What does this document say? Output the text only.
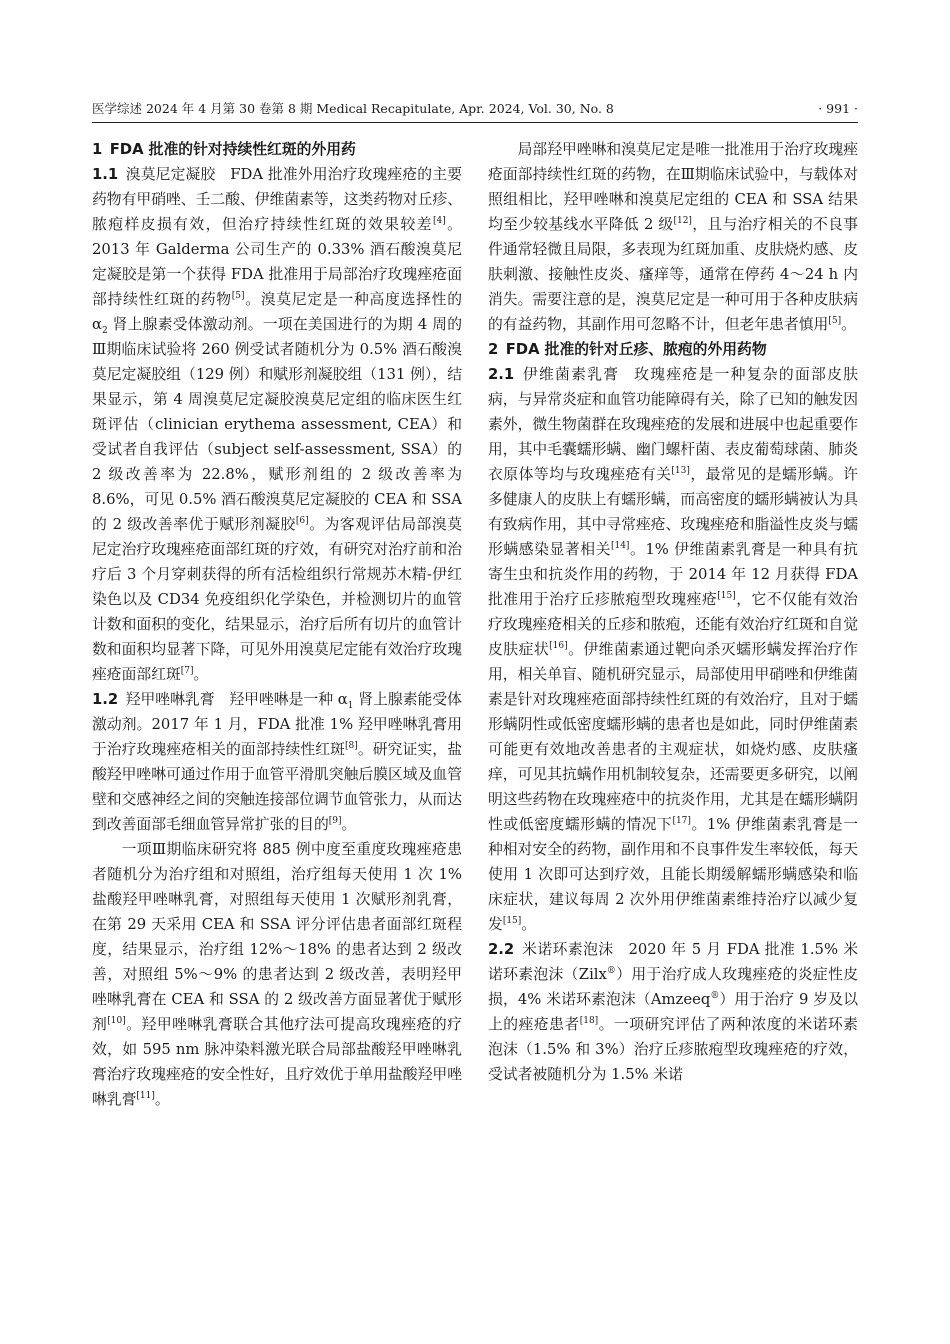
医学综述 2024 年 4 月第 30 卷第 8 期 Medical Recapitulate, Apr. 2024, Vol. 30, No. 8	· 991 ·
1 FDA 批准的针对持续性红斑的外用药

1.1 溴莫尼定凝胶 FDA 批准外用治疗玫瑰痤疮的主要药物有甲硝唑、壬二酸、伊维菌素等，这类药物对丘疹、脓疱样皮损有效，但治疗持续性红斑的效果较差[4]。2013 年 Galderma 公司生产的 0.33% 酒石酸溴莫尼定凝胶是第一个获得 FDA 批准用于局部治疗玫瑰痤疮面部持续性红斑的药物[5]。溴莫尼定是一种高度选择性的 $\alpha_2$ 肾上腺素受体激动剂。一项在美国进行的为期 4 周的Ⅲ期临床试验将 260 例受试者随机分为 0.5% 酒石酸溴莫尼定凝胶组（129 例）和赋形剂凝胶组（131 例），结果显示，第 4 周溴莫尼定凝胶溴莫尼定组的临床医生红斑评估（clinician erythema assessment, CEA）和受试者自我评估（subject self-assessment, SSA）的 2 级改善率为 22.8%，赋形剂组的 2 级改善率为 8.6%，可见 0.5% 酒石酸溴莫尼定凝胶的 CEA 和 SSA 的 2 级改善率优于赋形剂凝胶[6]。为客观评估局部溴莫尼定治疗玫瑰痤疮面部红斑的疗效，有研究对治疗前和治疗后 3 个月穿刺获得的所有活检组织行常规苏木精-伊红染色以及 CD34 免疫组织化学染色，并检测切片的血管计数和面积的变化，结果显示，治疗后所有切片的血管计数和面积均显著下降，可见外用溴莫尼定能有效治疗玫瑰痤疮面部红斑[7]。

1.2 羟甲唑啉乳膏 羟甲唑啉是一种 $\alpha_1$ 肾上腺素能受体激动剂。2017 年 1 月，FDA 批准 1% 羟甲唑啉乳膏用于治疗玫瑰痤疮相关的面部持续性红斑[8]。研究证实，盐酸羟甲唑啉可通过作用于血管平滑肌突触后膜区域及血管壁和交感神经之间的突触连接部位调节血管张力，从而达到改善面部毛细血管异常扩张的目的[9]。

一项Ⅲ期临床研究将 885 例中度至重度玫瑰痤疮患者随机分为治疗组和对照组，治疗组每天使用 1 次 1% 盐酸羟甲唑啉乳膏，对照组每天使用 1 次赋形剂乳膏，在第 29 天采用 CEA 和 SSA 评分评估患者面部红斑程度，结果显示，治疗组 12%～18% 的患者达到 2 级改善，对照组 5%～9% 的患者达到 2 级改善，表明羟甲唑啉乳膏在 CEA 和 SSA 的 2 级改善方面显著优于赋形剂[10]。羟甲唑啉乳膏联合其他疗法可提高玫瑰痤疮的疗效，如 595 nm 脉冲染料激光联合局部盐酸羟甲唑啉乳膏治疗玫瑰痤疮的安全性好，且疗效优于单用盐酸羟甲唑啉乳膏[11]。

局部羟甲唑啉和溴莫尼定是唯一批准用于治疗玫瑰痤疮面部持续性红斑的药物，在Ⅲ期临床试验中，与载体对照组相比，羟甲唑啉和溴莫尼定组的 CEA 和 SSA 结果均至少较基线水平降低 2 级[12]，且与治疗相关的不良事件通常轻微且局限，多表现为红斑加重、皮肤烧灼感、皮肤刺激、接触性皮炎、瘙痒等，通常在停药 4～24 h 内消失。需要注意的是，溴莫尼定是一种可用于各种皮肤病的有益药物，其副作用可忽略不计，但老年患者慎用[5]。

2 FDA 批准的针对丘疹、脓疱的外用药物

2.1 伊维菌素乳膏 玫瑰痤疮是一种复杂的面部皮肤病，与异常炎症和血管功能障碍有关，除了已知的触发因素外，微生物菌群在玫瑰痤疮的发展和进展中也起重要作用，其中毛囊蠕形螨、幽门螺杆菌、表皮葡萄球菌、肺炎衣原体等均与玫瑰痤疮有关[13]，最常见的是蠕形螨。许多健康人的皮肤上有蠕形螨，而高密度的蠕形螨被认为具有致病作用，其中寻常痤疮、玫瑰痤疮和脂溢性皮炎与蠕形螨感染显著相关[14]。1% 伊维菌素乳膏是一种具有抗寄生虫和抗炎作用的药物，于 2014 年 12 月获得 FDA 批准用于治疗丘疹脓疱型玫瑰痤疮[15]，它不仅能有效治疗玫瑰痤疮相关的丘疹和脓疱，还能有效治疗红斑和自觉皮肤症状[16]。伊维菌素通过靶向杀灭蠕形螨发挥治疗作用，相关单盲、随机研究显示，局部使用甲硝唑和伊维菌素是针对玫瑰痤疮面部持续性红斑的有效治疗，且对于蠕形螨阴性或低密度蠕形螨的患者也是如此，同时伊维菌素可能更有效地改善患者的主观症状，如烧灼感、皮肤瘙痒，可见其抗螨作用机制较复杂，还需要更多研究，以阐明这些药物在玫瑰痤疮中的抗炎作用，尤其是在蠕形螨阴性或低密度蠕形螨的情况下[17]。1% 伊维菌素乳膏是一种相对安全的药物，副作用和不良事件发生率较低，每天使用 1 次即可达到疗效，且能长期缓解蠕形螨感染和临床症状，建议每周 2 次外用伊维菌素维持治疗以减少复发[15]。

2.2 米诺环素泡沫 2020 年 5 月 FDA 批准 1.5% 米诺环素泡沫（Zilx®）用于治疗成人玫瑰痤疮的炎症性皮损，4% 米诺环素泡沫（Amzeeq®）用于治疗 9 岁及以上的痤疮患者[18]。一项研究评估了两种浓度的米诺环素泡沫（1.5% 和 3%）治疗丘疹脓疱型玫瑰痤疮的疗效，受试者被随机分为 1.5% 米诺
